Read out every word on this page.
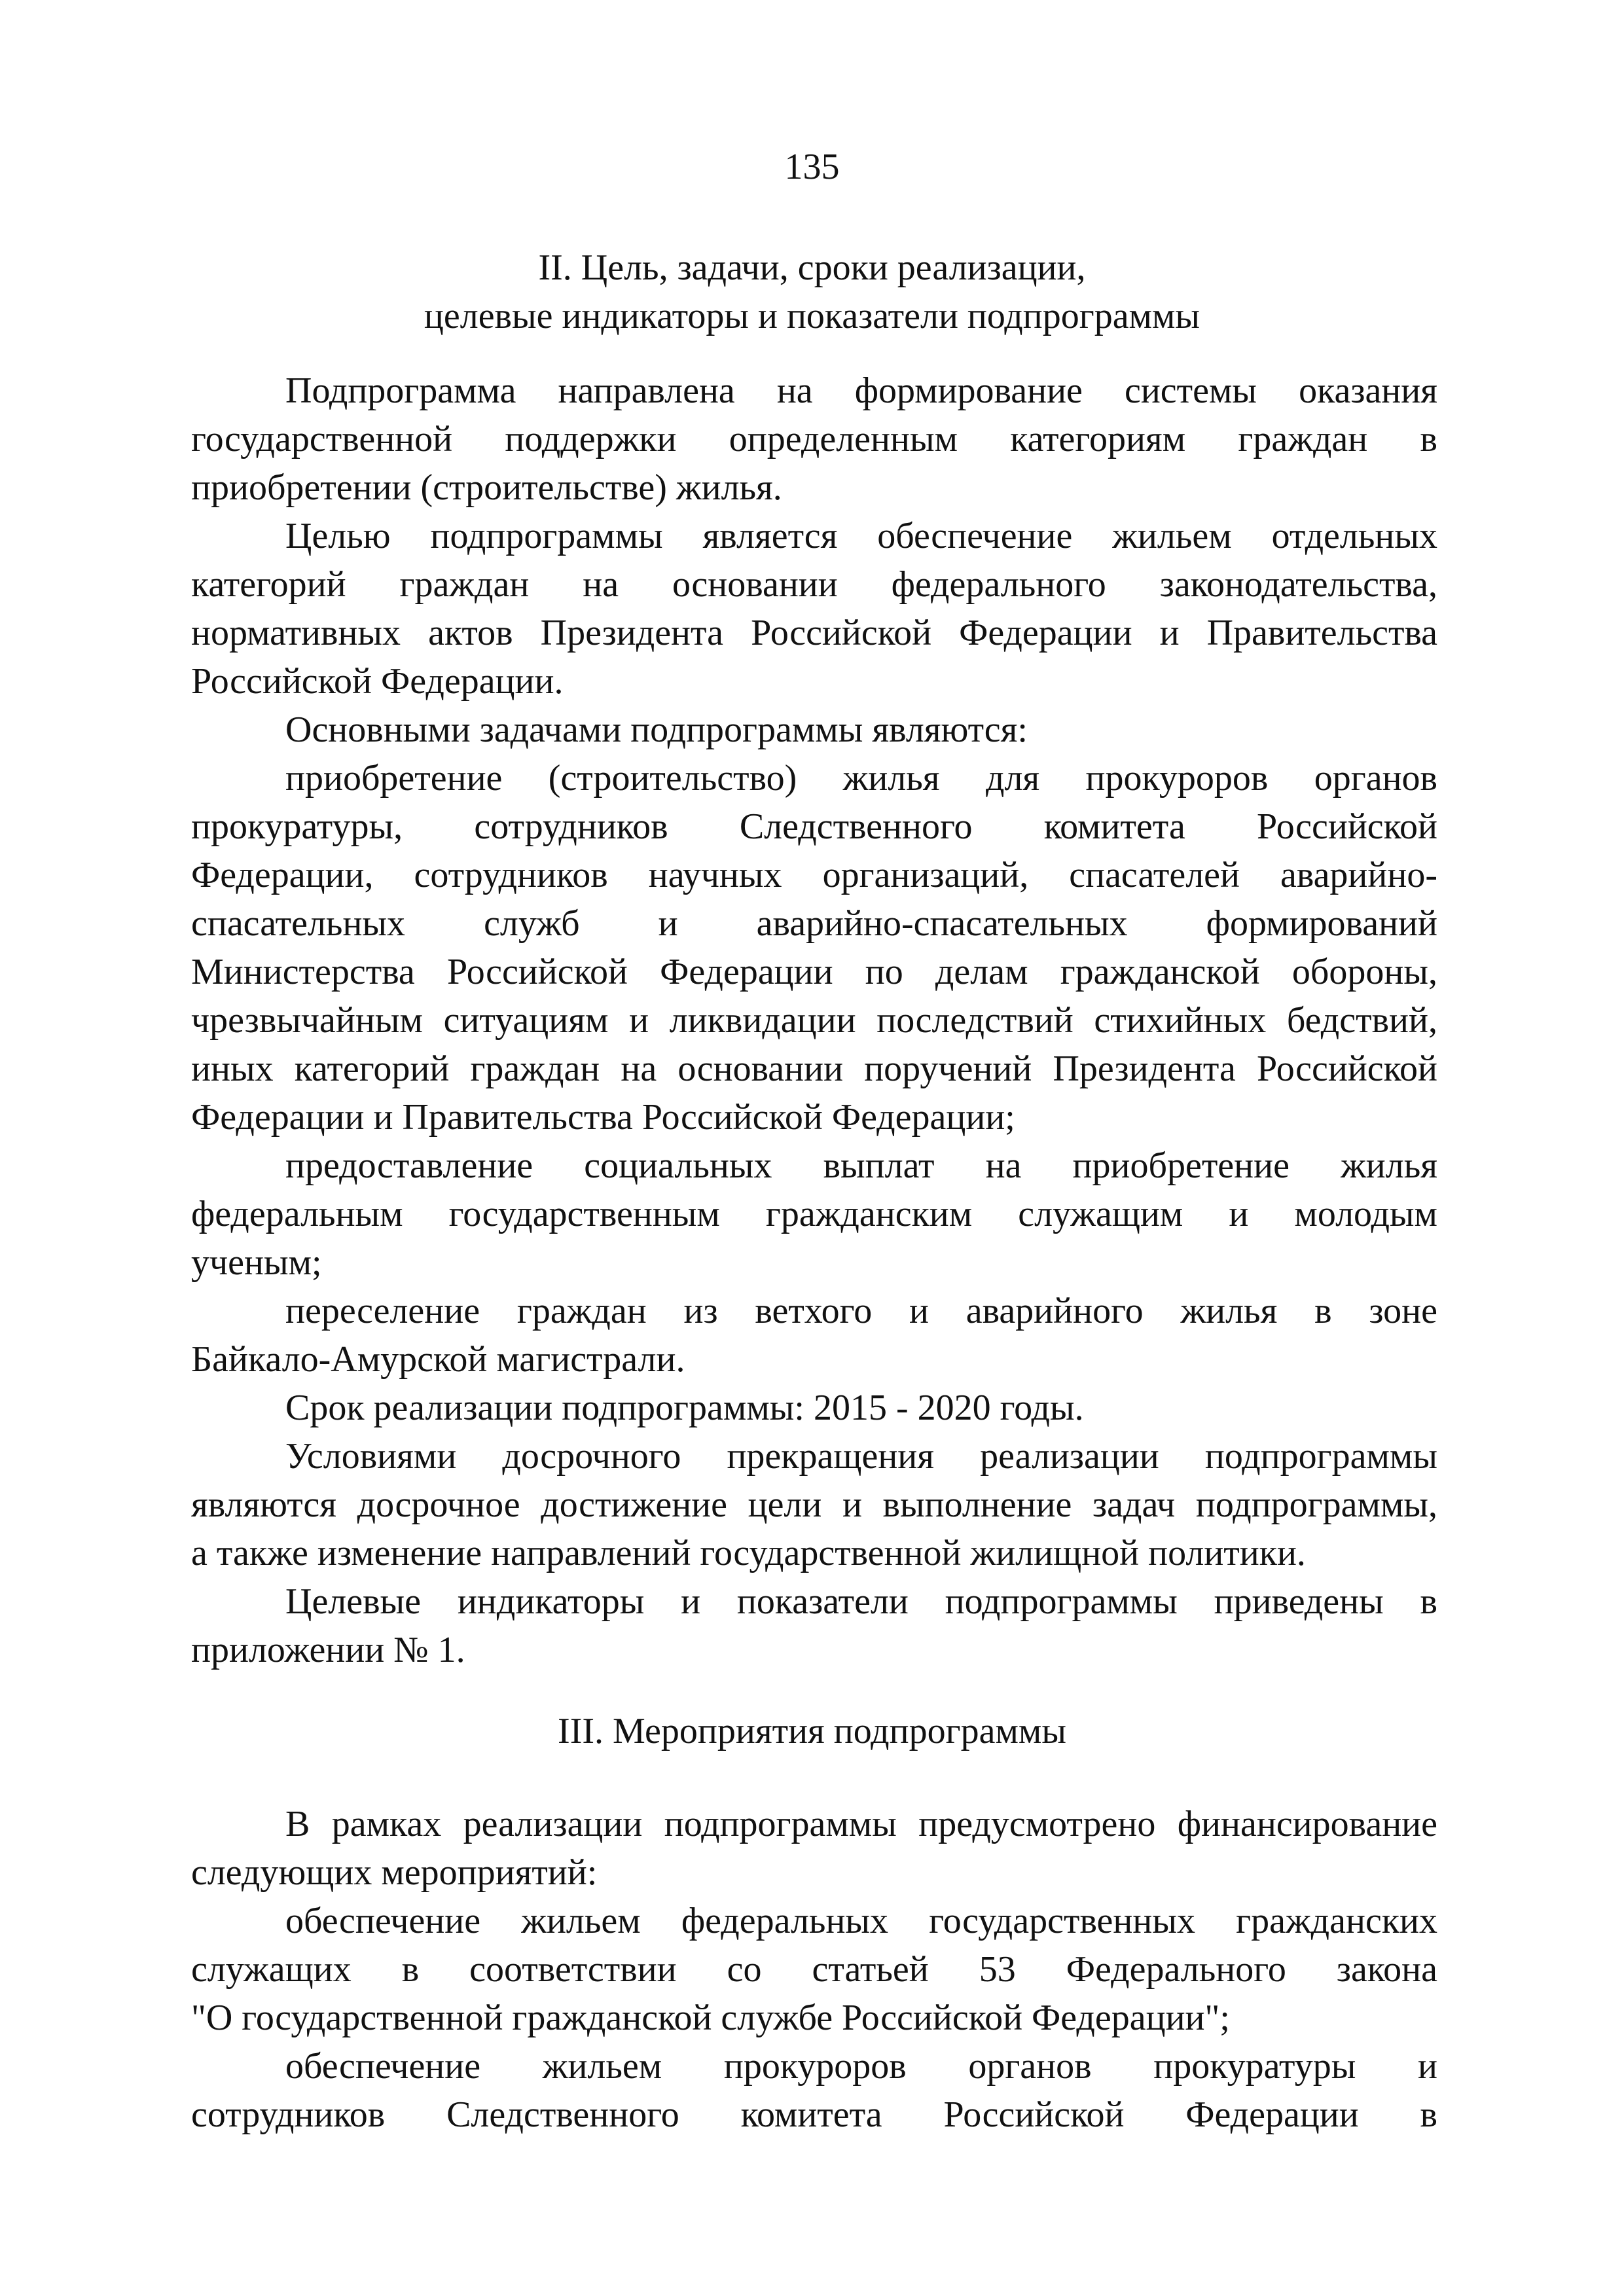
135
II. Цель, задачи, сроки реализации,
целевые индикаторы и показатели подпрограммы
Подпрограмма направлена на формирование системы оказания
государственной поддержки определенным категориям граждан в
приобретении (строительстве) жилья.
Целью подпрограммы является обеспечение жильем отдельных
категорий граждан на основании федерального законодательства,
нормативных актов Президента Российской Федерации и Правительства
Российской Федерации.
Основными задачами подпрограммы являются:
приобретение (строительство) жилья для прокуроров органов
прокуратуры, сотрудников Следственного комитета Российской
Федерации, сотрудников научных организаций, спасателей аварийно-
спасательных служб и аварийно-спасательных формирований
Министерства Российской Федерации по делам гражданской обороны,
чрезвычайным ситуациям и ликвидации последствий стихийных бедствий,
иных категорий граждан на основании поручений Президента Российской
Федерации и Правительства Российской Федерации;
предоставление социальных выплат на приобретение жилья
федеральным государственным гражданским служащим и молодым
ученым;
переселение граждан из ветхого и аварийного жилья в зоне
Байкало-Амурской магистрали.
Срок реализации подпрограммы: 2015 - 2020 годы.
Условиями досрочного прекращения реализации подпрограммы
являются досрочное достижение цели и выполнение задач подпрограммы,
а также изменение направлений государственной жилищной политики.
Целевые индикаторы и показатели подпрограммы приведены в
приложении № 1.
III. Мероприятия подпрограммы
В рамках реализации подпрограммы предусмотрено финансирование
следующих мероприятий:
обеспечение жильем федеральных государственных гражданских
служащих в соответствии со статьей 53 Федерального закона
"О государственной гражданской службе Российской Федерации";
обеспечение жильем прокуроров органов прокуратуры и
сотрудников Следственного комитета Российской Федерации в
